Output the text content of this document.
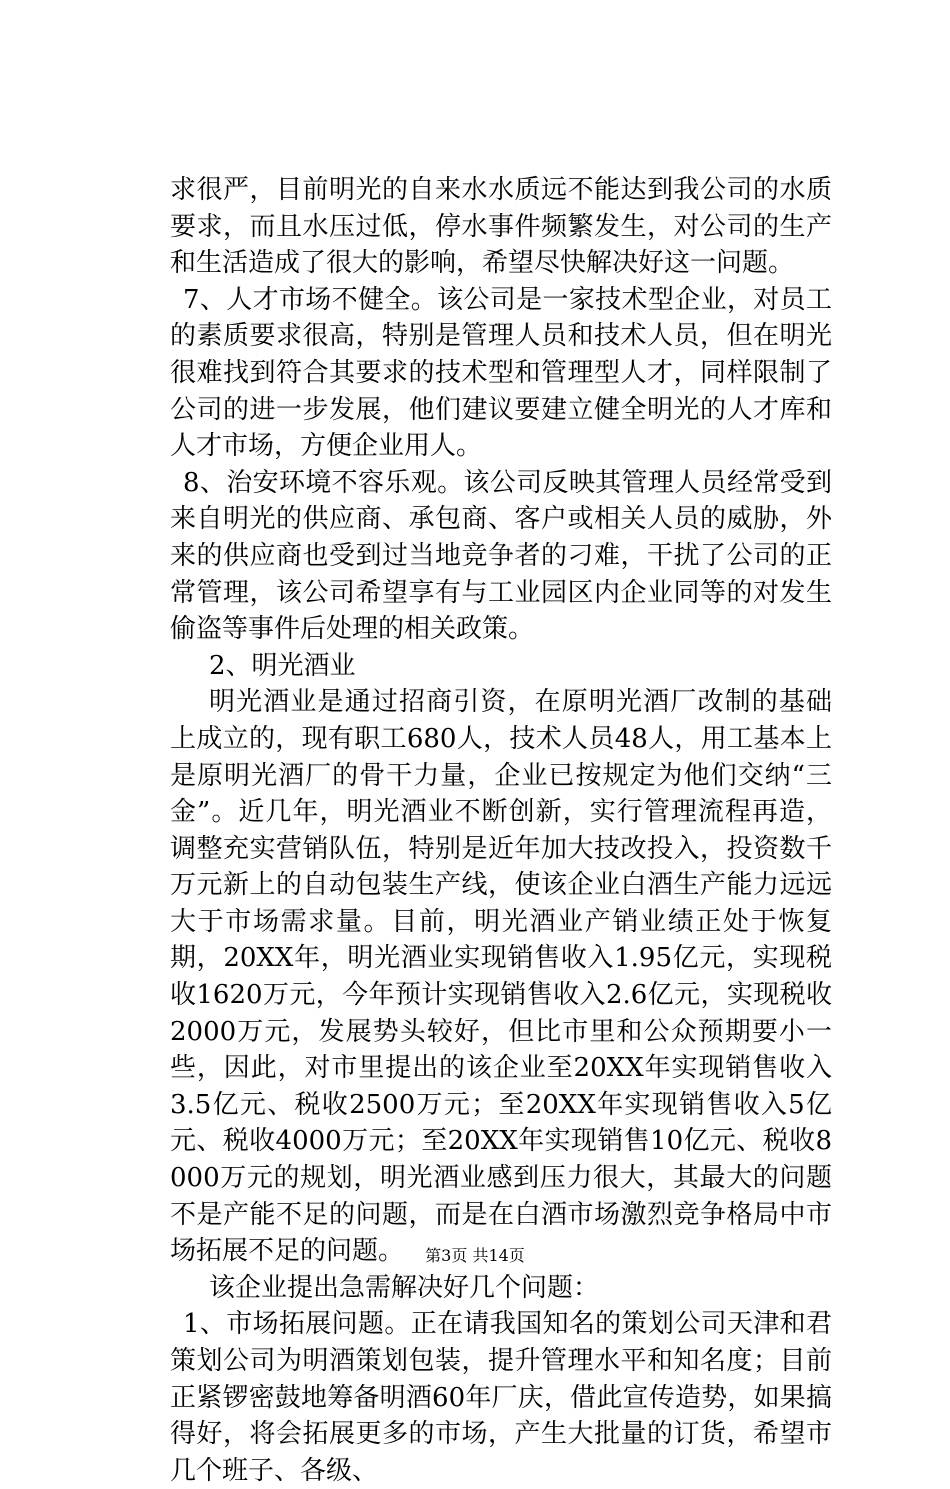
求很严，目前明光的自来水水质远不能达到我公司的水质要求，而且水压过低，停水事件频繁发生，对公司的生产和生活造成了很大的影响，希望尽快解决好这一问题。

7、人才市场不健全。该公司是一家技术型企业，对员工的素质要求很高，特别是管理人员和技术人员，但在明光很难找到符合其要求的技术型和管理型人才，同样限制了公司的进一步发展，他们建议要建立健全明光的人才库和人才市场，方便企业用人。

8、治安环境不容乐观。该公司反映其管理人员经常受到来自明光的供应商、承包商、客户或相关人员的威胁，外来的供应商也受到过当地竞争者的刁难，干扰了公司的正常管理，该公司希望享有与工业园区内企业同等的对发生偷盗等事件后处理的相关政策。

2、明光酒业

明光酒业是通过招商引资，在原明光酒厂改制的基础上成立的，现有职工680人，技术人员48人，用工基本上是原明光酒厂的骨干力量，企业已按规定为他们交纳“三金”。近几年，明光酒业不断创新，实行管理流程再造，调整充实营销队伍，特别是近年加大技改投入，投资数千万元新上的自动包装生产线，使该企业白酒生产能力远远大于市场需求量。目前，明光酒业产销业绩正处于恢复期，20XX年，明光酒业实现销售收入1.95亿元，实现税收1620万元，今年预计实现销售收入2.6亿元，实现税收2000万元，发展势头较好，但比市里和公众预期要小一些，因此，对市里提出的该企业至20XX年实现销售收入3.5亿元、税收2500万元；至20XX年实现销售收入5亿元、税收4000万元；至20XX年实现销售10亿元、税收8000万元的规划，明光酒业感到压力很大，其最大的问题不是产能不足的问题，而是在白酒市场激烈竞争格局中市场拓展不足的问题。

该企业提出急需解决好几个问题：

1、市场拓展问题。正在请我国知名的策划公司天津和君策划公司为明酒策划包装，提升管理水平和知名度；目前正紧锣密鼓地筹备明酒60年厂庆，借此宣传造势，如果搞得好，将会拓展更多的市场，产生大批量的订货，希望市几个班子、各级、

第3页 共14页
